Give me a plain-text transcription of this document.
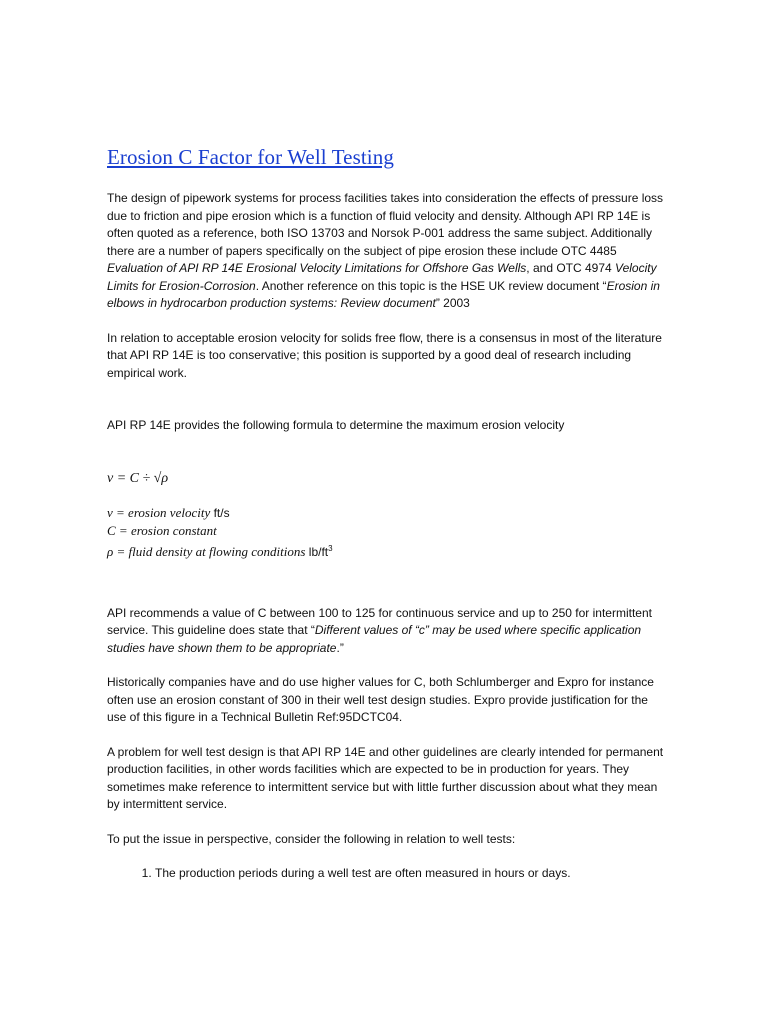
Erosion C Factor for Well Testing

The design of pipework systems for process facilities takes into consideration the effects of pressure loss due to friction and pipe erosion which is a function of fluid velocity and density. Although API RP 14E is often quoted as a reference, both ISO 13703 and Norsok P-001 address the same subject. Additionally there are a number of papers specifically on the subject of pipe erosion these include OTC 4485 Evaluation of API RP 14E Erosional Velocity Limitations for Offshore Gas Wells, and OTC 4974 Velocity Limits for Erosion-Corrosion. Another reference on this topic is the HSE UK review document “Erosion in elbows in hydrocarbon production systems: Review document” 2003

In relation to acceptable erosion velocity for solids free flow, there is a consensus in most of the literature that API RP 14E is too conservative; this position is supported by a good deal of research including empirical work.

API RP 14E provides the following formula to determine the maximum erosion velocity

v = C ÷ √ρ
v = erosion velocity ft/s
C = erosion constant
ρ = fluid density at flowing conditions $lb/ft^3$

API recommends a value of C between 100 to 125 for continuous service and up to 250 for intermittent service. This guideline does state that “Different values of “c” may be used where specific application studies have shown them to be appropriate.”

Historically companies have and do use higher values for C, both Schlumberger and Expro for instance often use an erosion constant of 300 in their well test design studies. Expro provide justification for the use of this figure in a Technical Bulletin Ref:95DCTC04.

A problem for well test design is that API RP 14E and other guidelines are clearly intended for permanent production facilities, in other words facilities which are expected to be in production for years. They sometimes make reference to intermittent service but with little further discussion about what they mean by intermittent service.

To put the issue in perspective, consider the following in relation to well tests:

1. The production periods during a well test are often measured in hours or days.
